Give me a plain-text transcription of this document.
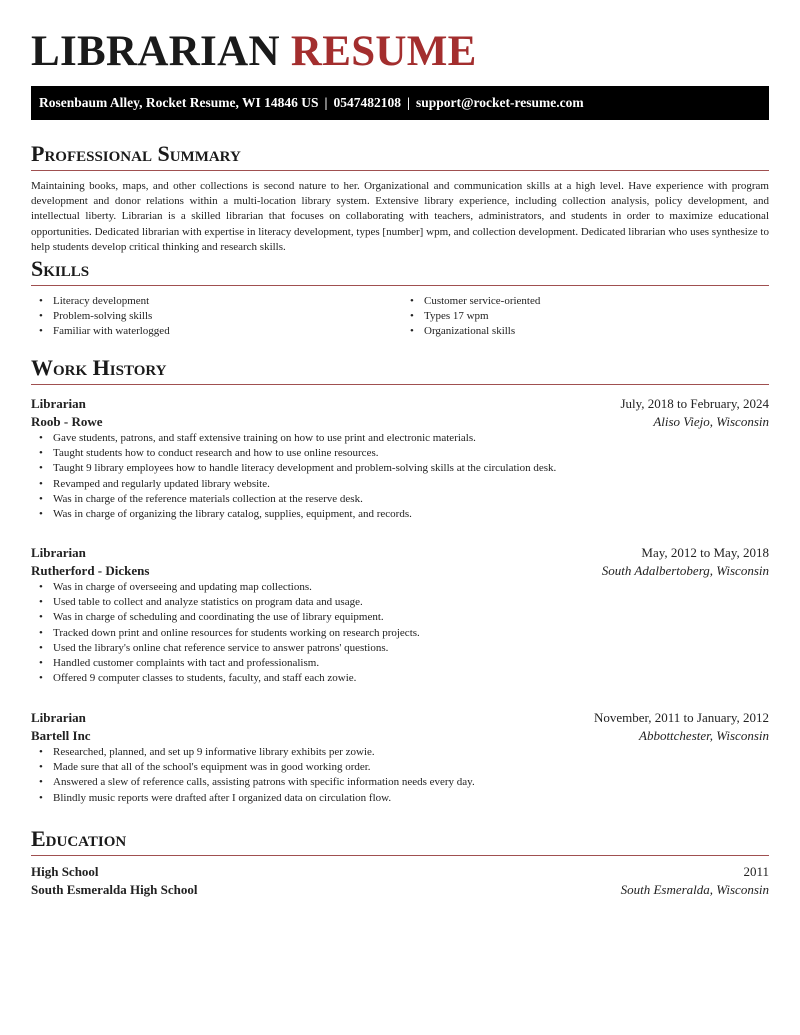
LIBRARIAN RESUME
Rosenbaum Alley, Rocket Resume, WI 14846 US | 0547482108 | support@rocket-resume.com
Professional Summary

Maintaining books, maps, and other collections is second nature to her. Organizational and communication skills at a high level. Have experience with program development and donor relations within a multi-location library system. Extensive library experience, including collection analysis, policy development, and intellectual liberty. Librarian is a skilled librarian that focuses on collaborating with teachers, administrators, and students in order to maximize educational opportunities. Dedicated librarian with expertise in literacy development, types [number] wpm, and collection development. Dedicated librarian who uses synthesize to help students develop critical thinking and research skills.

Skills
• Literacy development
• Problem-solving skills
• Familiar with waterlogged
• Customer service-oriented
• Types 17 wpm
• Organizational skills
Work History
Librarian	July, 2018 to February, 2024
Roob - Rowe	Aliso Viejo, Wisconsin
• Gave students, patrons, and staff extensive training on how to use print and electronic materials.
• Taught students how to conduct research and how to use online resources.
• Taught 9 library employees how to handle literacy development and problem-solving skills at the circulation desk.
• Revamped and regularly updated library website.
• Was in charge of the reference materials collection at the reserve desk.
• Was in charge of organizing the library catalog, supplies, equipment, and records.
Librarian	May, 2012 to May, 2018
Rutherford - Dickens	South Adalbertoberg, Wisconsin
• Was in charge of overseeing and updating map collections.
• Used table to collect and analyze statistics on program data and usage.
• Was in charge of scheduling and coordinating the use of library equipment.
• Tracked down print and online resources for students working on research projects.
• Used the library's online chat reference service to answer patrons' questions.
• Handled customer complaints with tact and professionalism.
• Offered 9 computer classes to students, faculty, and staff each zowie.
Librarian	November, 2011 to January, 2012
Bartell Inc	Abbottchester, Wisconsin
• Researched, planned, and set up 9 informative library exhibits per zowie.
• Made sure that all of the school's equipment was in good working order.
• Answered a slew of reference calls, assisting patrons with specific information needs every day.
• Blindly music reports were drafted after I organized data on circulation flow.
Education
High School	2011
South Esmeralda High School	South Esmeralda, Wisconsin
